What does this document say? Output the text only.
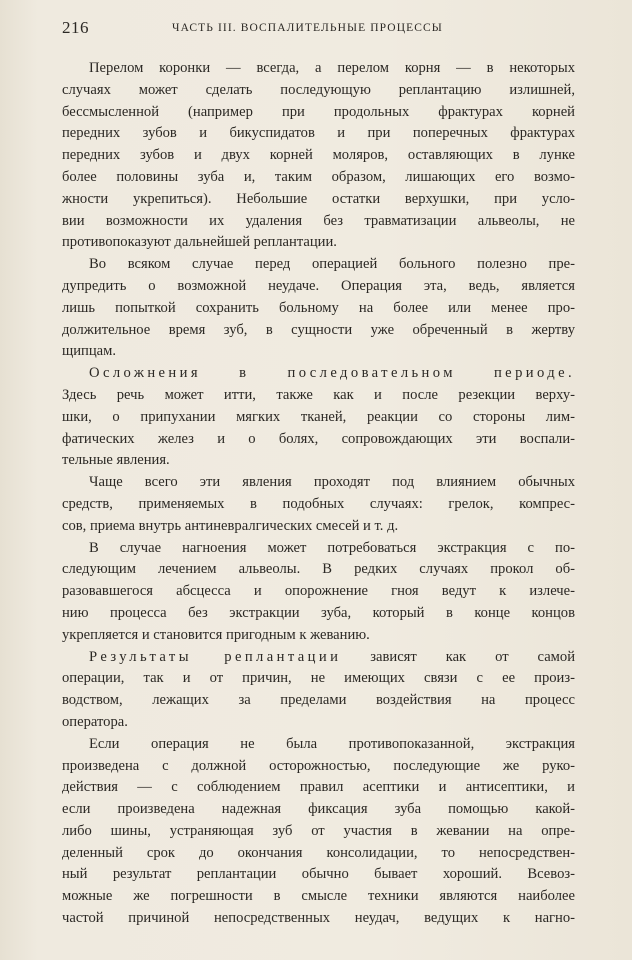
216	ЧАСТЬ III. ВОСПАЛИТЕЛЬНЫЕ ПРОЦЕССЫ
Перелом коронки — всегда, а перелом корня — в некоторых
случаях может сделать последующую реплантацию излишней,
бессмысленной (например при продольных фрактурах корней
передних зубов и бикуспидатов и при поперечных фрактурах
передних зубов и двух корней моляров, оставляющих в лунке
более половины зуба и, таким образом, лишающих его возмо-
жности укрепиться). Небольшие остатки верхушки, при усло-
вии возможности их удаления без травматизации альвеолы, не
противопоказуют дальнейшей реплантации.
Во всяком случае перед операцией больного полезно пре-
дупредить о возможной неудаче. Операция эта, ведь, является
лишь попыткой сохранить больному на более или менее про-
должительное время зуб, в сущности уже обреченный в жертву
щипцам.
Осложнения в последовательном периоде.
Здесь речь может итти, также как и после резекции верху-
шки, о припухании мягких тканей, реакции со стороны лим-
фатических желез и о болях, сопровождающих эти воспали-
тельные явления.
Чаще всего эти явления проходят под влиянием обычных
средств, применяемых в подобных случаях: грелок, компрес-
сов, приема внутрь антиневралгических смесей и т. д.
В случае нагноения может потребоваться экстракция с по-
следующим лечением альвеолы. В редких случаях прокол об-
разовавшегося абсцесса и опорожнение гноя ведут к излече-
нию процесса без экстракции зуба, который в конце концов
укрепляется и становится пригодным к жеванию.
Результаты реплантации зависят как от самой
операции, так и от причин, не имеющих связи с ее произ-
водством, лежащих за пределами воздействия на процесс
оператора.
Если операция не была противопоказанной, экстракция
произведена с должной осторожностью, последующие же руко-
действия — с соблюдением правил асептики и антисептики, и
если произведена надежная фиксация зуба помощью какой-
либо шины, устраняющая зуб от участия в жевании на опре-
деленный срок до окончания консолидации, то непосредствен-
ный результат реплантации обычно бывает хороший. Всевоз-
можные же погрешности в смысле техники являются наиболее
частой причиной непосредственных неудач, ведущих к нагно-
